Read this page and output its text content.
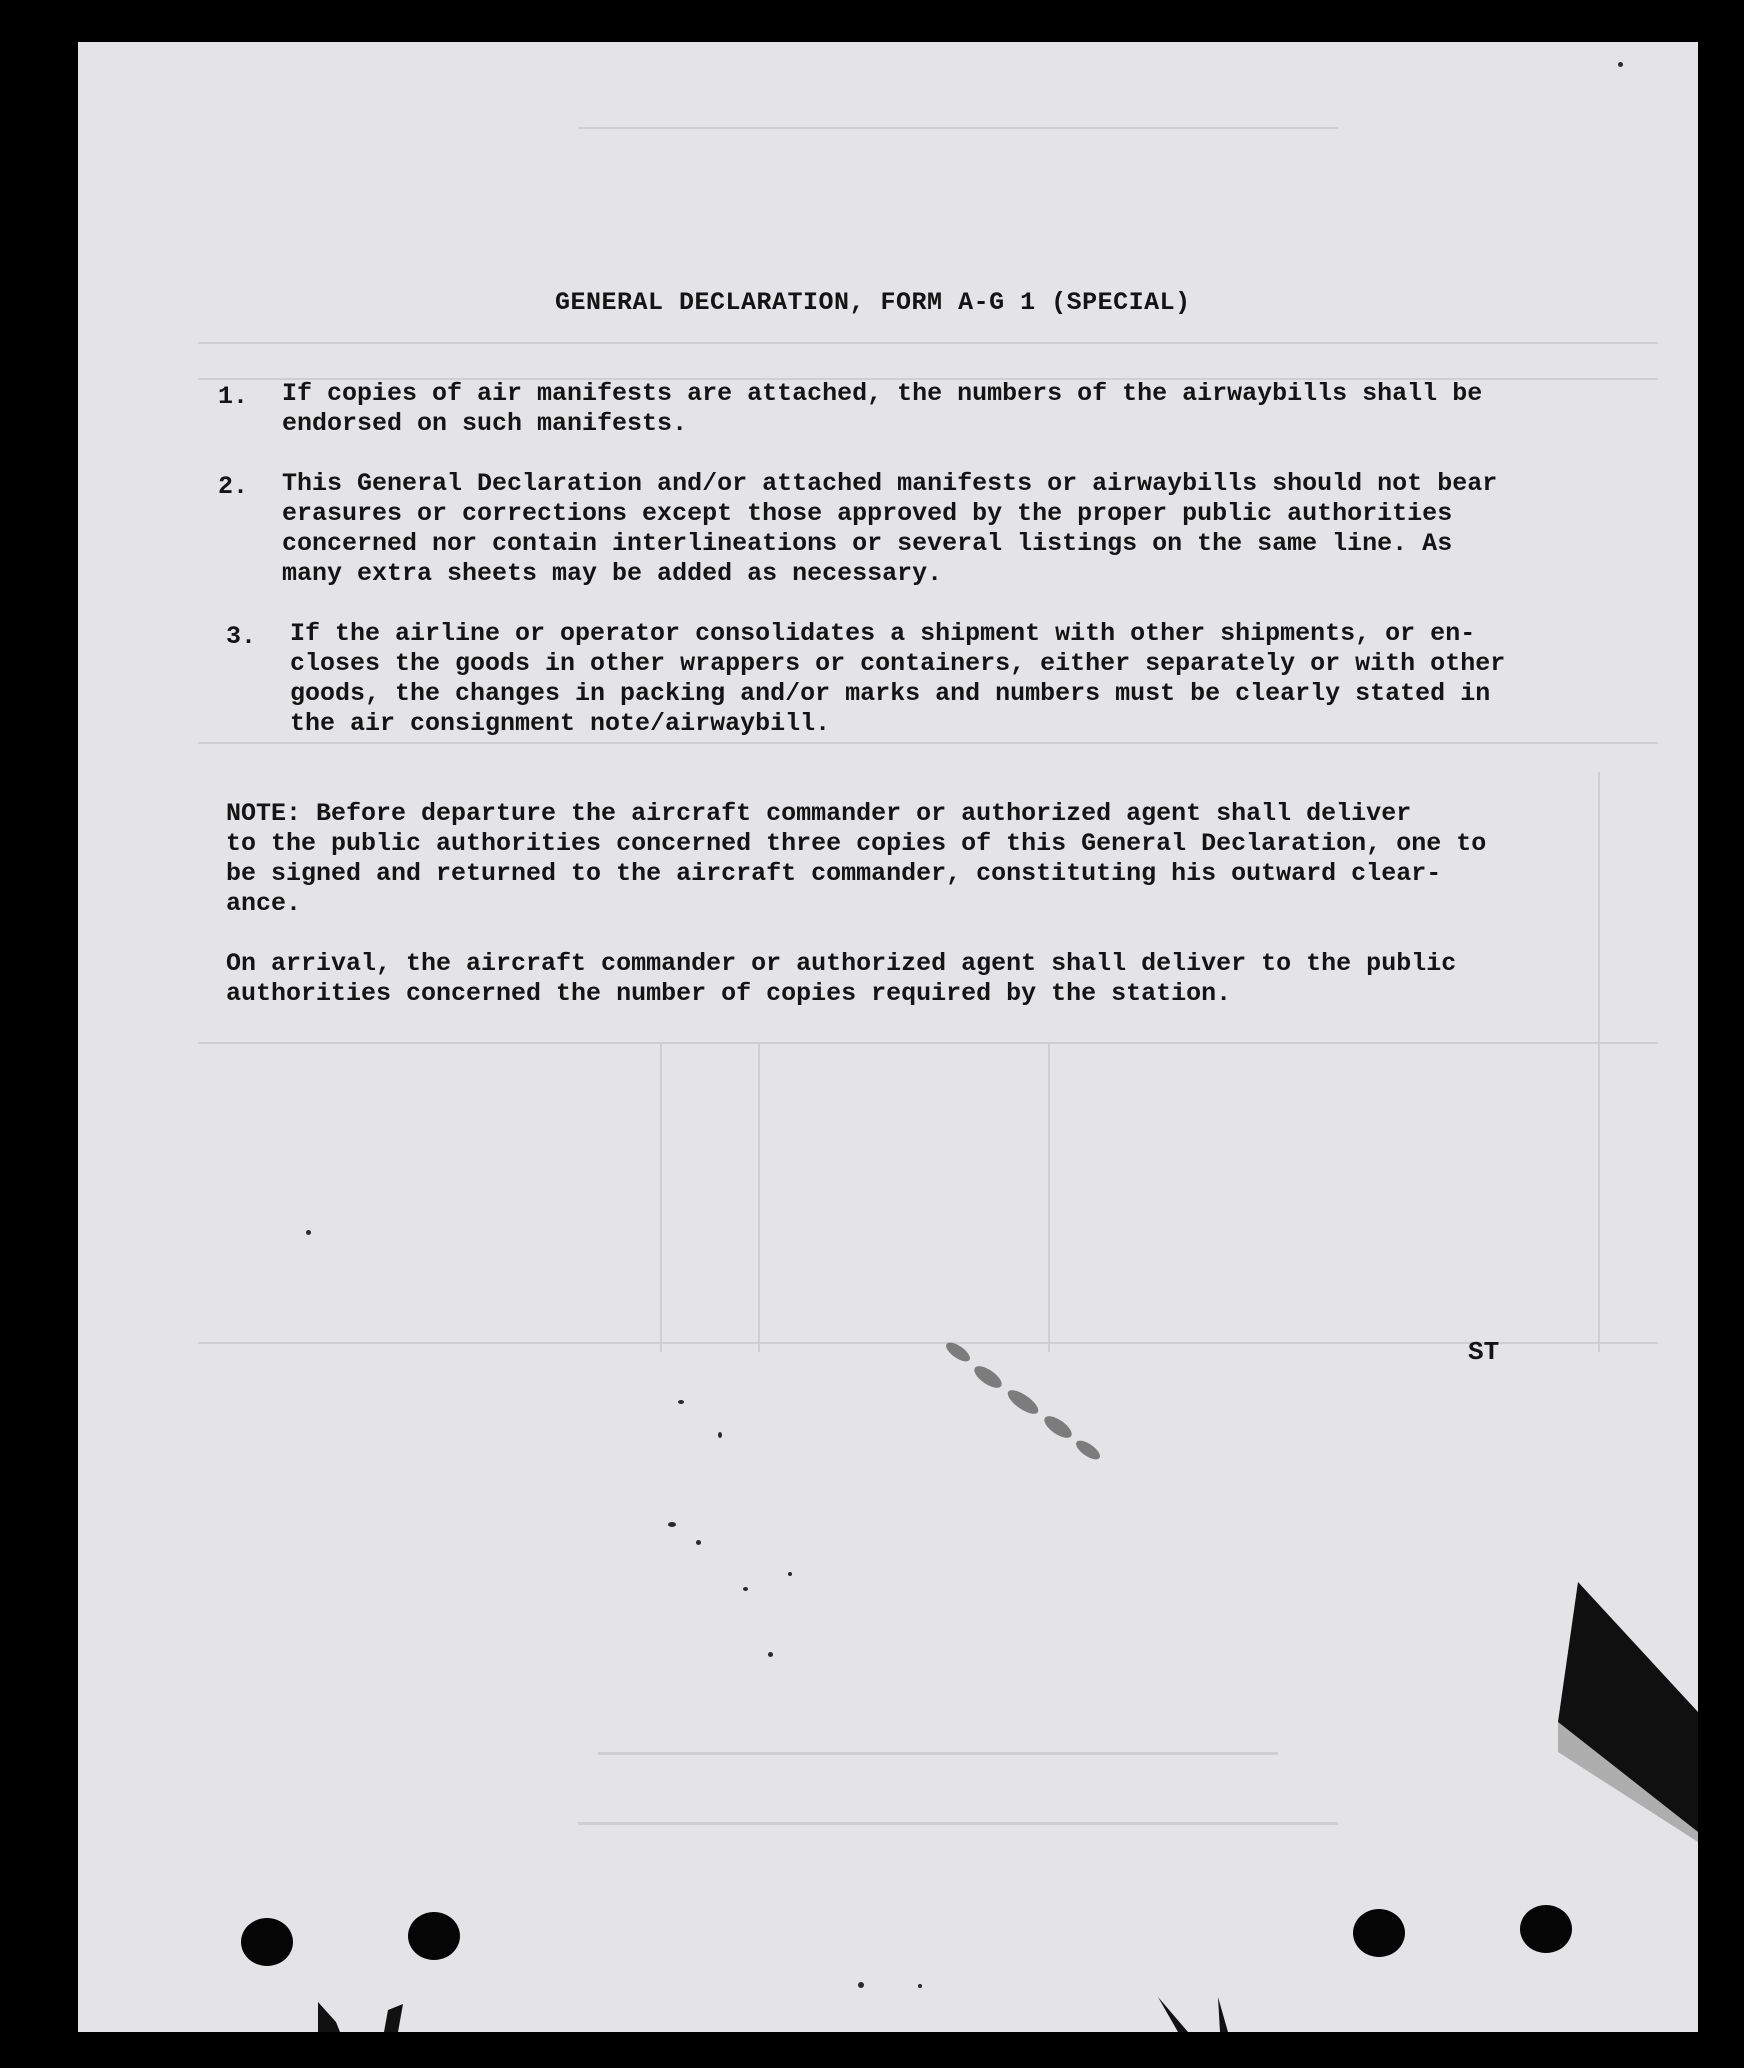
GENERAL DECLARATION, FORM A-G 1 (SPECIAL)
1. If copies of air manifests are attached, the numbers of the airwaybills shall be
endorsed on such manifests.
2. This General Declaration and/or attached manifests or airwaybills should not bear
erasures or corrections except those approved by the proper public authorities
concerned nor contain interlineations or several listings on the same line. As
many extra sheets may be added as necessary.
3. If the airline or operator consolidates a shipment with other shipments, or en-
closes the goods in other wrappers or containers, either separately or with other
goods, the changes in packing and/or marks and numbers must be clearly stated in
the air consignment note/airwaybill.
NOTE: Before departure the aircraft commander or authorized agent shall deliver
to the public authorities concerned three copies of this General Declaration, one to
be signed and returned to the aircraft commander, constituting his outward clear-
ance.
On arrival, the aircraft commander or authorized agent shall deliver to the public
authorities concerned the number of copies required by the station.
ST
